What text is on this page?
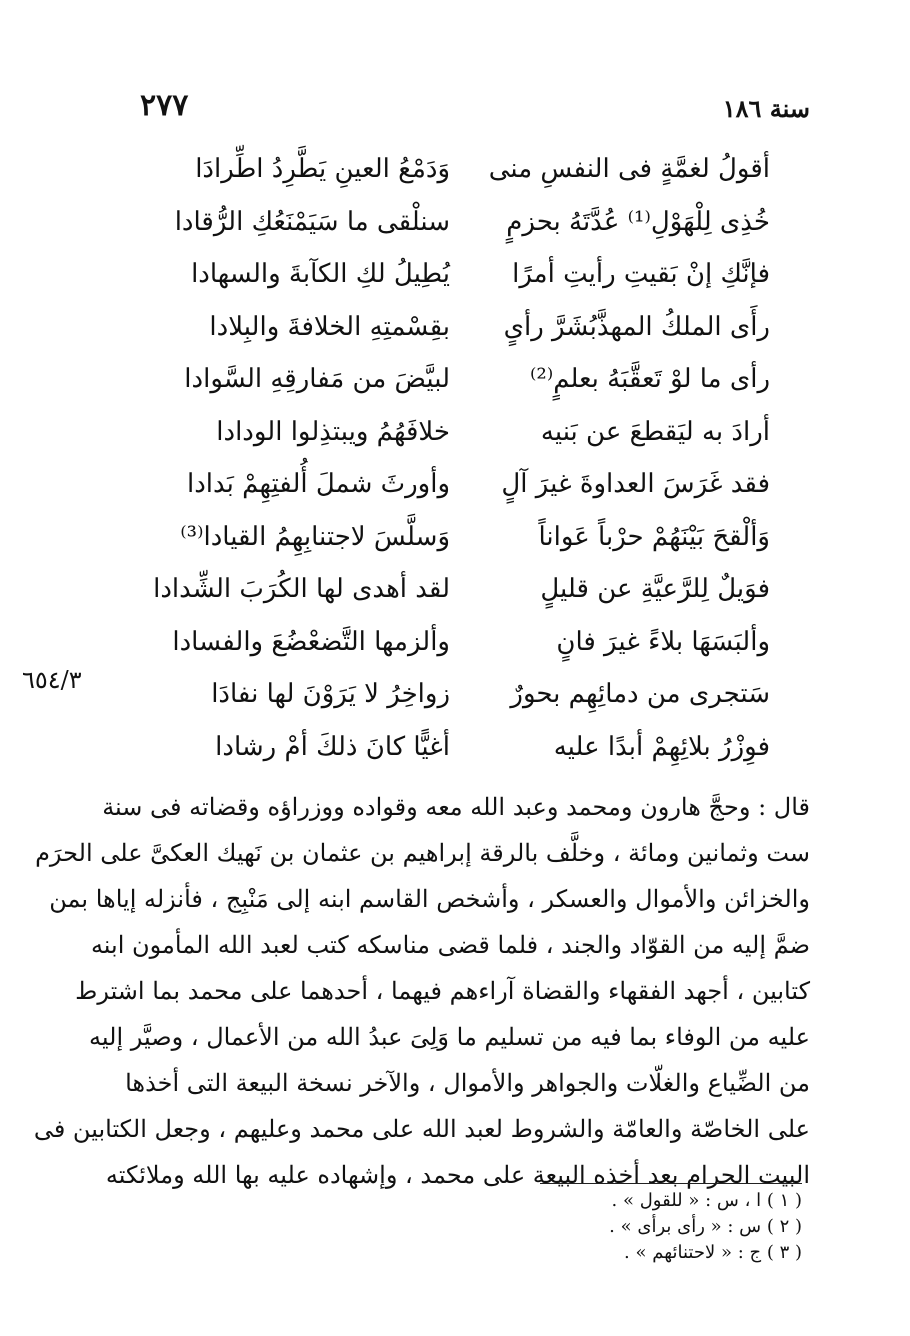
٢٧٧	سنة ١٨٦
أقولُ لغمَّةٍ فى النفسِ منى
وَدَمْعُ العينِ يَطَّرِدُ اطِّرادَا
خُذِى لِلْهَوْلِ⁽¹⁾ عُدَّتَهُ بحزمٍ
سنلْقى ما سَيَمْنَعُكِ الرُّقادا
فإنَّكِ إنْ بَقيتِ رأيتِ أمرًا
يُطِيلُ لكِ الكآبةَ والسهادا
رأَى الملكُ المهذَّبُشَرَّ رأىٍ
بقِسْمتِهِ الخلافةَ والبِلادا
رأى ما لوْ تَعقَّبَهُ بعلمٍ⁽²⁾
لبيَّضَ من مَفارقِهِ السَّوادا
أرادَ به ليَقطعَ عن بَنيه
خلافَهُمُ ويبتذِلوا الودادا
فقد غَرَسَ العداوةَ غيرَ آلٍ
وأورثَ شملَ أُلفتِهِمْ بَدادا
وَألْقحَ بَيْنَهُمْ حرْباً عَواناً
وَسلَّسَ لاجتنابِهِمُ القيادا⁽³⁾
فوَيلٌ لِلرَّعيَّةِ عن قليلٍ
لقد أهدى لها الكُرَبَ الشِّدادا
وألبَسَهَا بلاءً غيرَ فانٍ
وألزمها التَّضعْضُعَ والفسادا
سَتجرى من دمائِهِم بحورٌ
زواخِرُ لا يَرَوْنَ لها نفادَا
فوِزْرُ بلائِهِمْ أبدًا عليه
أغيًّا كانَ ذلكَ أمْ رشادا
٦٥٤/٣
قال : وحجَّ هارون ومحمد وعبد الله معه وقواده ووزراؤه وقضاته فى سنة
ست وثمانين ومائة ، وخلَّف بالرقة إبراهيم بن عثمان بن نَهيك العكىَّ على الحرَم
والخزائن والأموال والعسكر ، وأشخص القاسم ابنه إلى مَنْبِج ، فأنزله إياها بمن
ضمَّ إليه من القوّاد والجند ، فلما قضى مناسكه كتب لعبد الله المأمون ابنه
كتابين ، أجهد الفقهاء والقضاة آراءهم فيهما ، أحدهما على محمد بما اشترط
عليه من الوفاء بما فيه من تسليم ما وَلِىَ عبدُ الله من الأعمال ، وصيَّر إليه
من الضِّياع والغلّات والجواهر والأموال ، والآخر نسخة البيعة التى أخذها
على الخاصّة والعامّة والشروط لعبد الله على محمد وعليهم ، وجعل الكتابين فى
البيت الحرام بعد أخذه البيعة على محمد ، وإشهاده عليه بها الله وملائكته
( ١ ) ا ، س : « للقول » .
( ٢ ) س : « رأى برأى » .
( ٣ ) ج : « لاحتنائهم » .
